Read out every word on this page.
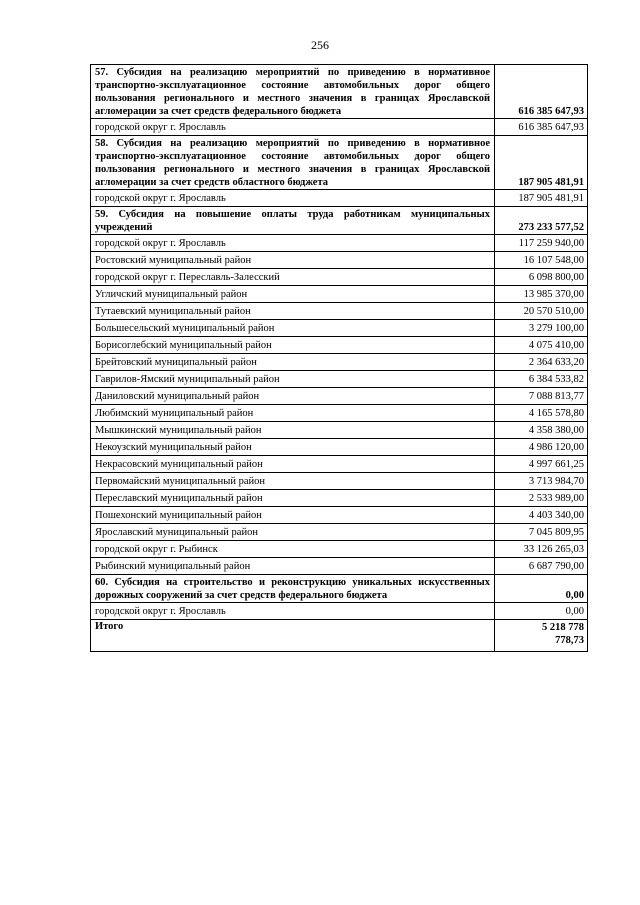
256
57. Субсидия на реализацию мероприятий по приведению в нормативное транспортно-эксплуатационное состояние автомобильных дорог общего пользования регионального и местного значения в границах Ярославской агломерации за счет средств федерального бюджета	616 385 647,93
городской округ г. Ярославль	616 385 647,93
58. Субсидия на реализацию мероприятий по приведению в нормативное транспортно-эксплуатационное состояние автомобильных дорог общего пользования регионального и местного значения в границах Ярославской агломерации за счет средств областного бюджета	187 905 481,91
городской округ г. Ярославль	187 905 481,91
59. Субсидия на повышение оплаты труда работникам муниципальных учреждений	273 233 577,52
городской округ г. Ярославль	117 259 940,00
Ростовский муниципальный район	16 107 548,00
городской округ г. Переславль-Залесский	6 098 800,00
Угличский муниципальный район	13 985 370,00
Тутаевский муниципальный район	20 570 510,00
Большесельский муниципальный район	3 279 100,00
Борисоглебский муниципальный район	4 075 410,00
Брейтовский муниципальный район	2 364 633,20
Гаврилов-Ямский муниципальный район	6 384 533,82
Даниловский муниципальный район	7 088 813,77
Любимский муниципальный район	4 165 578,80
Мышкинский муниципальный район	4 358 380,00
Некоузский муниципальный район	4 986 120,00
Некрасовский муниципальный район	4 997 661,25
Первомайский муниципальный район	3 713 984,70
Переславский муниципальный район	2 533 989,00
Пошехонский муниципальный район	4 403 340,00
Ярославский муниципальный район	7 045 809,95
городской округ г. Рыбинск	33 126 265,03
Рыбинский муниципальный район	6 687 790,00
60. Субсидия на строительство и реконструкцию уникальных искусственных дорожных сооружений за счет средств федерального бюджета	0,00
городской округ г. Ярославль	0,00
Итого	5 218 778
778,73
